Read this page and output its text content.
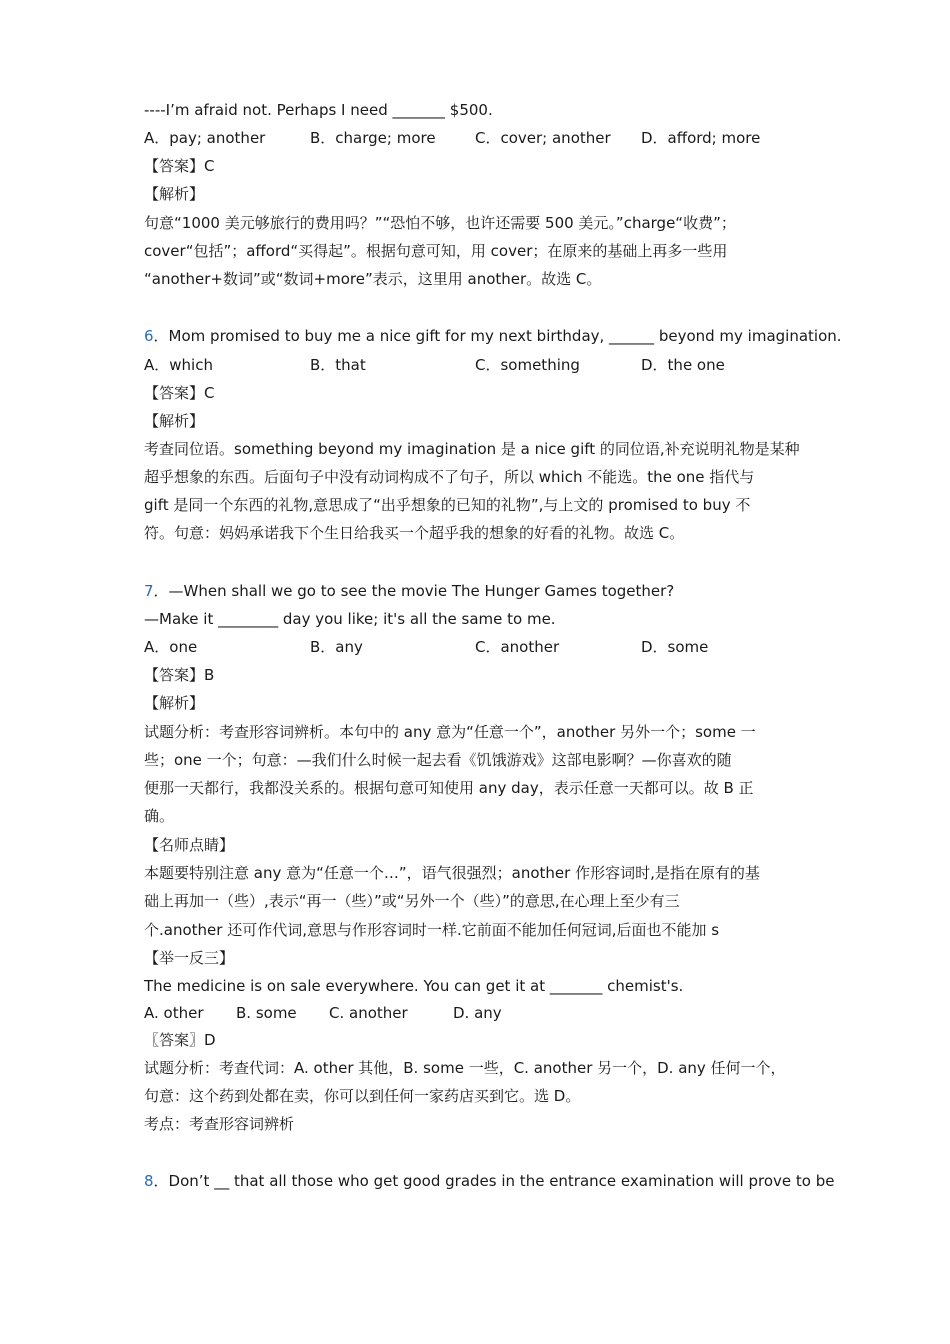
----I’m afraid not. Perhaps I need _______ $500.
A．pay; another	B．charge; more	C．cover; another D．afford; more
【答案】C
【解析】
句意“1000 美元够旅行的费用吗？”“恐怕不够，也许还需要 500 美元。”charge“收费”；
cover“包括”；afford“买得起”。根据句意可知，用 cover；在原来的基础上再多一些用
“another+数词”或“数词+more”表示，这里用 another。故选 C。
6．Mom promised to buy me a nice gift for my next birthday, ______ beyond my imagination.
A．which	B．that	C．something	D．the one
【答案】C
【解析】
考查同位语。something beyond my imagination 是 a nice gift 的同位语,补充说明礼物是某种
超乎想象的东西。后面句子中没有动词构成不了句子，所以 which 不能选。the one 指代与
gift 是同一个东西的礼物,意思成了“出乎想象的已知的礼物”,与上文的 promised to buy 不
符。句意：妈妈承诺我下个生日给我买一个超乎我的想象的好看的礼物。故选 C。
7．—When shall we go to see the movie The Hunger Games together?
—Make it ________ day you like; it's all the same to me.
A．one	B．any	C．another	D．some
【答案】B
【解析】
试题分析：考查形容词辨析。本句中的 any 意为“任意一个”，another 另外一个；some 一
些；one 一个；句意：—我们什么时候一起去看《饥饿游戏》这部电影啊？—你喜欢的随
便那一天都行，我都没关系的。根据句意可知使用 any day，表示任意一天都可以。故 B 正
确。
【名师点睛】
本题要特别注意 any 意为“任意一个…”，语气很强烈；another 作形容词时,是指在原有的基
础上再加一（些）,表示“再一（些）”或“另外一个（些）”的意思,在心理上至少有三
个.another 还可作代词,意思与作形容词时一样.它前面不能加任何冠词,后面也不能加 s
【举一反三】
The medicine is on sale everywhere. You can get it at _______ chemist's.
A. other B. some C. another	D. any
〖答案〗D
试题分析：考查代词：A. other 其他，B. some 一些，C. another 另一个，D. any 任何一个，
句意：这个药到处都在卖，你可以到任何一家药店买到它。选 D。
考点：考查形容词辨析
8．Don’t __ that all those who get good grades in the entrance examination will prove to be
